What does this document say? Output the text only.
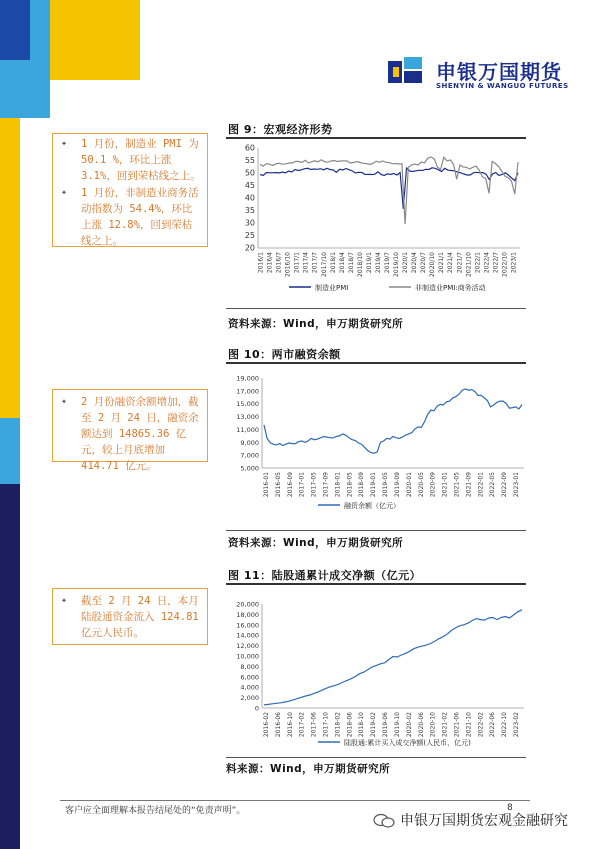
申银万国期货
SHENYIN & WANGUO FUTURES
✦ 1 月份，制造业 PMI 为 50.1 %，环比上涨 3.1%，回到荣枯线之上。
✦ 1 月份，非制造业商务活动指数为 54.4%，环比上涨 12.8%，回到荣枯线之上。
✦ 2 月份融资余额增加，截至 2 月 24 日，融资余额达到 14865.36 亿元，较上月底增加 414.71 亿元。
✦ 截至 2 月 24 日，本月陆股通资金流入 124.81 亿元人民币。
图 9：宏观经济形势
20
25
30
35
40
45
50
55
60
2016/1 2016/4 2016/7 2016/10 2017/1 2017/4 2017/7 2017/10 2018/1 2018/4 2018/7 2018/10 2019/1 2019/4 2019/7 2019/10 2020/1 2020/4 2020/7 2020/10 2021/1 2021/4 2021/7 2021/10 2022/1 2022/4 2022/7 2022/10 2023/1
制造业PMI	非制造业PMI:商务活动
资料来源：Wind，申万期货研究所
图 10：两市融资余额
5,000
7,000
9,000
11,000
13,000
15,000
17,000
19,000
2016-01 2016-05 2016-09 2017-01 2017-05 2017-09 2018-01 2018-05 2018-09 2019-01 2019-05 2019-09 2020-01 2020-05 2020-09 2021-01 2021-05 2021-09 2022-01 2022-05 2022-09 2023-01
融资余额（亿元）
资料来源：Wind，申万期货研究所
图 11：陆股通累计成交净额（亿元）
0
2,000
4,000
6,000
8,000
10,000
12,000
14,000
16,000
18,000
20,000
2016-02 2016-06 2016-10 2017-02 2017-06 2017-10 2018-02 2018-06 2018-10 2019-02 2019-06 2019-10 2020-02 2020-06 2020-10 2021-02 2021-06 2021-10 2022-02 2022-06 2022-10 2023-02
陆股通:累计买入成交净额(人民币，亿元)
料来源：Wind，申万期货研究所
客户应全面理解本报告结尾处的“免责声明”。	8
申银万国期货宏观金融研究
